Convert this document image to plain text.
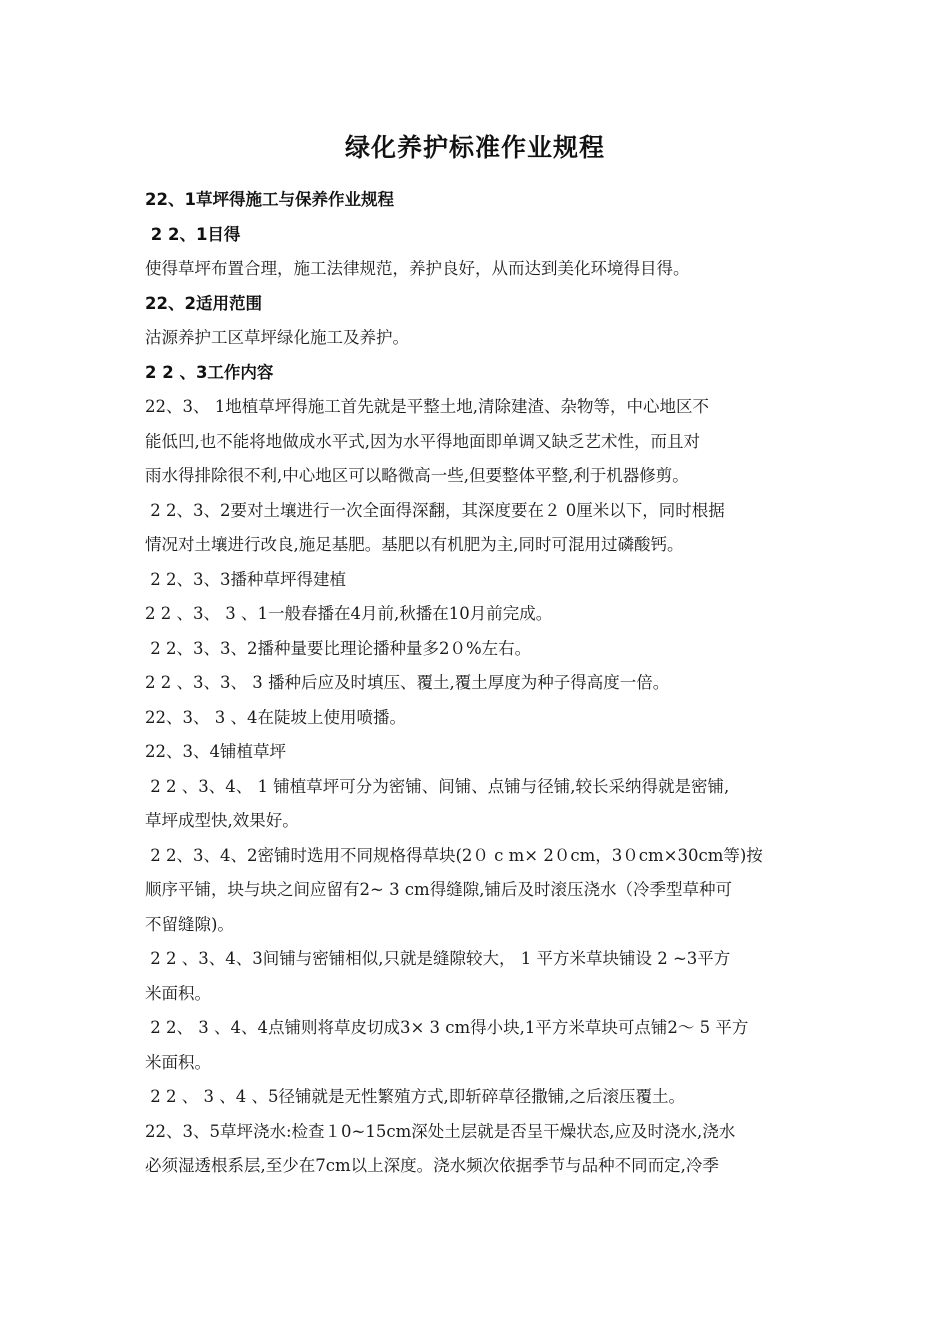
绿化养护标准作业规程
22、1草坪得施工与保养作业规程
2 2、1目得
使得草坪布置合理，施工法律规范，养护良好，从而达到美化环境得目得。
22、2适用范围
沽源养护工区草坪绿化施工及养护。
2 2 、3工作内容
22、3、 1地植草坪得施工首先就是平整土地,清除建渣、杂物等，中心地区不
能低凹,也不能将地做成水平式,因为水平得地面即单调又缺乏艺术性，而且对
雨水得排除很不利,中心地区可以略微高一些,但要整体平整,利于机器修剪。
2 2、3、2要对土壤进行一次全面得深翻，其深度要在２ 0厘米以下，同时根据
情况对土壤进行改良,施足基肥。基肥以有机肥为主,同时可混用过磷酸钙。
2 2、3、3播种草坪得建植
2 2 、3、 3 、1一般春播在4月前,秋播在10月前完成。
2 2、3、3、2播种量要比理论播种量多2０%左右。
2 2 、3、3、 3 播种后应及时填压、覆土,覆土厚度为种子得高度一倍。
22、3、 3 、4在陡坡上使用喷播。
22、3、4铺植草坪
2 2 、3、4、 1 铺植草坪可分为密铺、间铺、点铺与径铺,较长采纳得就是密铺,
草坪成型快,效果好。
2 2、3、4、2密铺时选用不同规格得草块(2０ c m× 2０cm，3０cm×30cm等)按
顺序平铺，块与块之间应留有2~ 3 cm得缝隙,铺后及时滚压浇水（冷季型草种可
不留缝隙)。
2 2 、3、4、3间铺与密铺相似,只就是缝隙较大， 1 平方米草块铺设 2 ~3平方
米面积。
2 2、 3 、4、4点铺则将草皮切成3× 3 cm得小块,1平方米草块可点铺2～ 5 平方
米面积。
2 2 、 3 、4 、5径铺就是无性繁殖方式,即斩碎草径撒铺,之后滚压覆土。
22、3、5草坪浇水:检查１0~15cm深处土层就是否呈干燥状态,应及时浇水,浇水
必须湿透根系层,至少在7cm以上深度。浇水频次依据季节与品种不同而定,冷季
